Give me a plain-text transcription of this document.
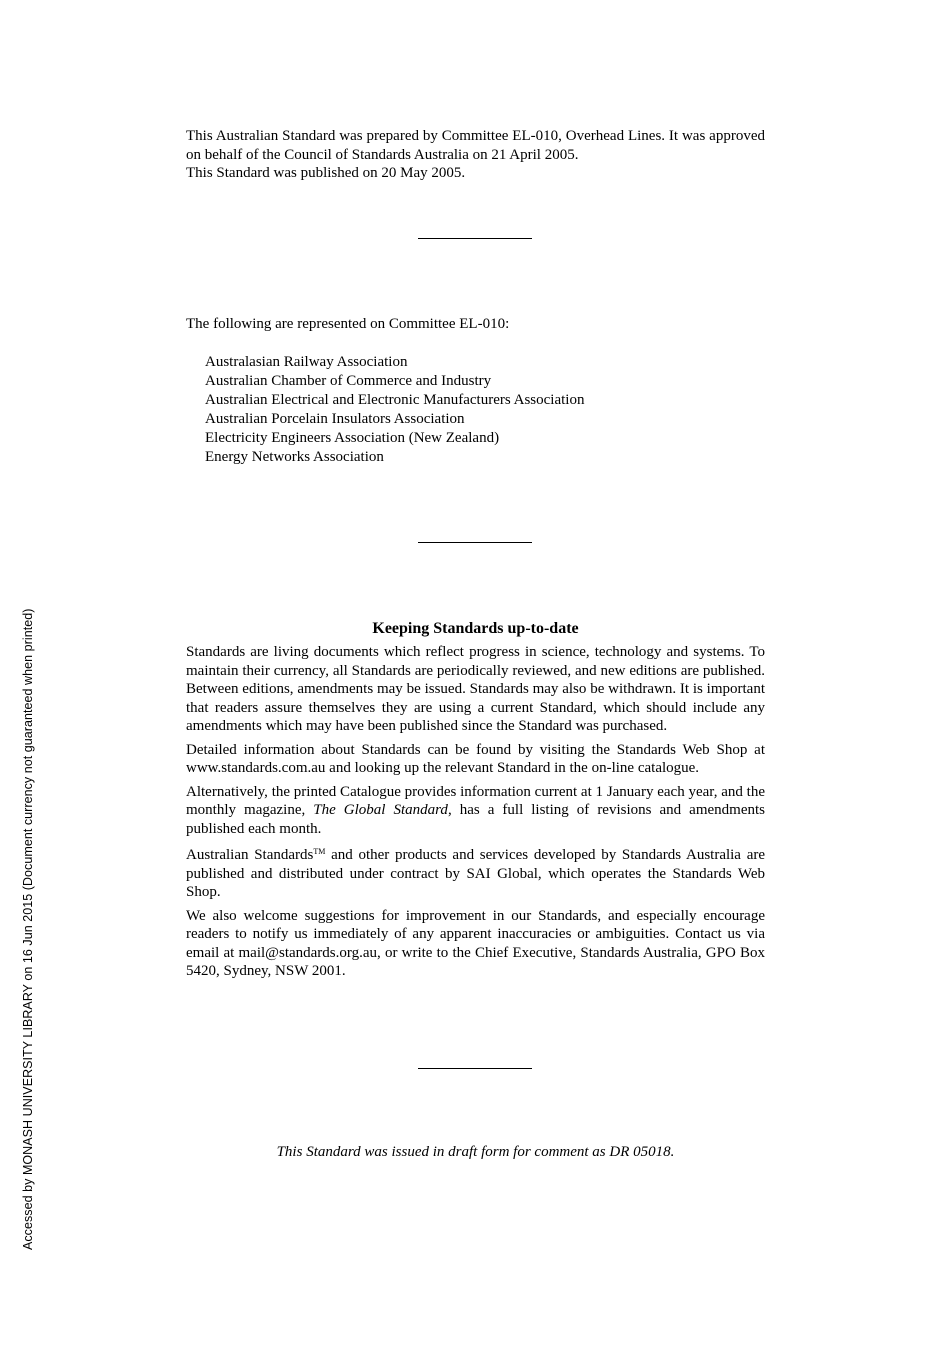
Accessed by MONASH UNIVERSITY LIBRARY on 16 Jun 2015 (Document currency not guaranteed when printed)

This Australian Standard was prepared by Committee EL-010, Overhead Lines. It was approved on behalf of the Council of Standards Australia on 21 April 2005.

This Standard was published on 20 May 2005.

The following are represented on Committee EL-010:

Australasian Railway Association
Australian Chamber of Commerce and Industry
Australian Electrical and Electronic Manufacturers Association
Australian Porcelain Insulators Association
Electricity Engineers Association (New Zealand)
Energy Networks Association
Keeping Standards up-to-date

Standards are living documents which reflect progress in science, technology and systems. To maintain their currency, all Standards are periodically reviewed, and new editions are published. Between editions, amendments may be issued. Standards may also be withdrawn. It is important that readers assure themselves they are using a current Standard, which should include any amendments which may have been published since the Standard was purchased.

Detailed information about Standards can be found by visiting the Standards Web Shop at www.standards.com.au and looking up the relevant Standard in the on-line catalogue.

Alternatively, the printed Catalogue provides information current at 1 January each year, and the monthly magazine, The Global Standard, has a full listing of revisions and amendments published each month.

Australian Standards™ and other products and services developed by Standards Australia are published and distributed under contract by SAI Global, which operates the Standards Web Shop.

We also welcome suggestions for improvement in our Standards, and especially encourage readers to notify us immediately of any apparent inaccuracies or ambiguities. Contact us via email at mail@standards.org.au, or write to the Chief Executive, Standards Australia, GPO Box 5420, Sydney, NSW 2001.

This Standard was issued in draft form for comment as DR 05018.
